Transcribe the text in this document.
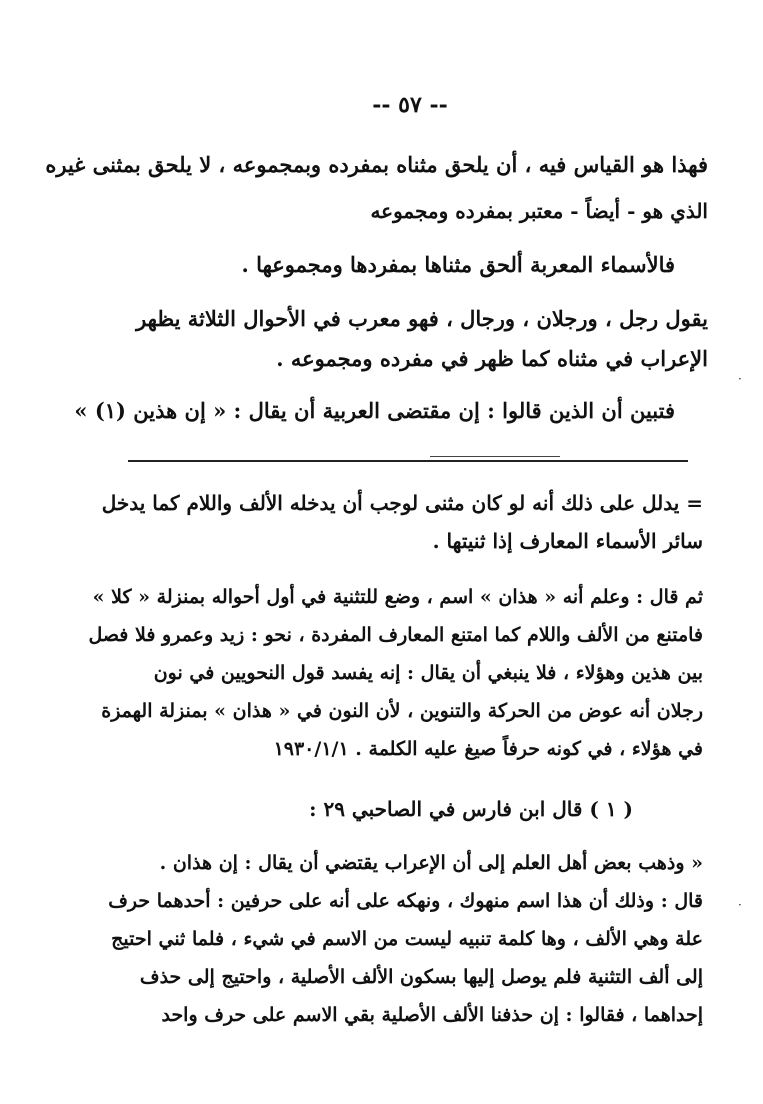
-- ٥٧ --
فهذا هو القياس فيه ، أن يلحق مثناه بمفرده وبمجموعه ، لا يلحق بمثنى غيره
الذي هو - أيضاً - معتبر بمفرده ومجموعه
فالأسماء المعربة ألحق مثناها بمفردها ومجموعها .
يقول رجل ، ورجلان ، ورجال ، فهو معرب في الأحوال الثلاثة يظهر
الإعراب في مثناه كما ظهر في مفرده ومجموعه .
فتبين أن الذين قالوا : إن مقتضى العربية أن يقال : « إن هذين (١) »
= يدلل على ذلك أنه لو كان مثنى لوجب أن يدخله الألف واللام كما يدخل
سائر الأسماء المعارف إذا ثنيتها .
ثم قال : وعلم أنه « هذان » اسم ، وضع للتثنية في أول أحواله بمنزلة « كلا »
فامتنع من الألف واللام كما امتنع المعارف المفردة ، نحو : زيد وعمرو فلا فصل
بين هذين وهؤلاء ، فلا ينبغي أن يقال : إنه يفسد قول النحويين في نون
رجلان أنه عوض من الحركة والتنوين ، لأن النون في « هذان » بمنزلة الهمزة
في هؤلاء ، في كونه حرفاً صيغ عليه الكلمة . ١٩٣٠/١/١
( ١ ) قال ابن فارس في الصاحبي ٢٩ :
« وذهب بعض أهل العلم إلى أن الإعراب يقتضي أن يقال : إن هذان .
قال : وذلك أن هذا اسم منهوك ، ونهكه على أنه على حرفين : أحدهما حرف
علة وهي الألف ، وها كلمة تنبيه ليست من الاسم في شيء ، فلما ثني احتيج
إلى ألف التثنية فلم يوصل إليها بسكون الألف الأصلية ، واحتيج إلى حذف
إحداهما ، فقالوا : إن حذفنا الألف الأصلية بقي الاسم على حرف واحد
·
·
